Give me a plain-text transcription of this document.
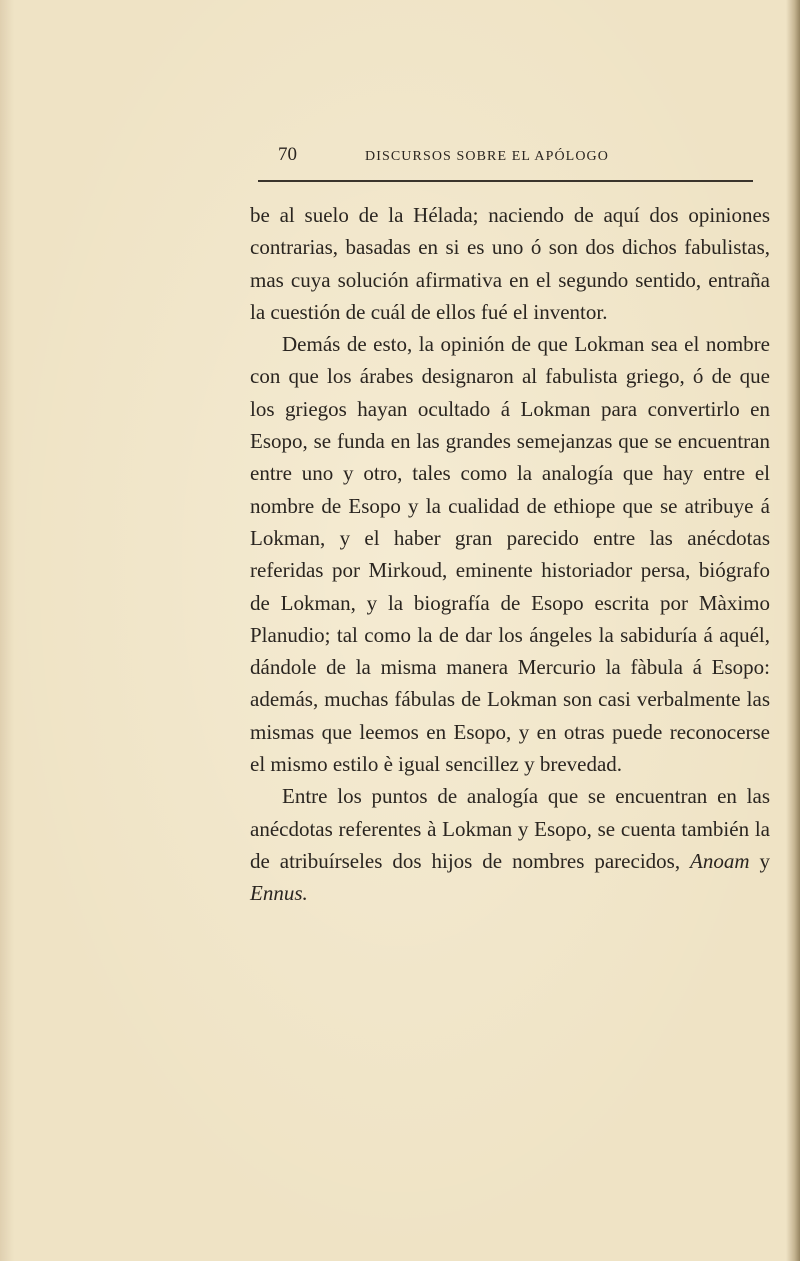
70	DISCURSOS SOBRE EL APÓLOGO

be al suelo de la Hélada; naciendo de aquí dos opiniones contrarias, basadas en si es uno ó son dos dichos fabulistas, mas cuya solución afirmativa en el segundo sentido, entraña la cuestión de cuál de ellos fué el inventor.

Demás de esto, la opinión de que Lokman sea el nombre con que los árabes designaron al fabulista griego, ó de que los griegos hayan ocultado á Lokman para convertirlo en Esopo, se funda en las grandes semejanzas que se encuentran entre uno y otro, tales como la analogía que hay entre el nombre de Esopo y la cualidad de ethiope que se atribuye á Lokman, y el haber gran parecido entre las anécdotas referidas por Mirkoud, eminente historiador persa, biógrafo de Lokman, y la biografía de Esopo escrita por Màximo Planudio; tal como la de dar los ángeles la sabiduría á aquél, dándole de la misma manera Mercurio la fàbula á Esopo: además, muchas fábulas de Lokman son casi verbalmente las mismas que leemos en Esopo, y en otras puede reconocerse el mismo estilo è igual sencillez y brevedad.

Entre los puntos de analogía que se encuentran en las anécdotas referentes à Lokman y Esopo, se cuenta también la de atribuírseles dos hijos de nombres parecidos, Anoam y Ennus.
